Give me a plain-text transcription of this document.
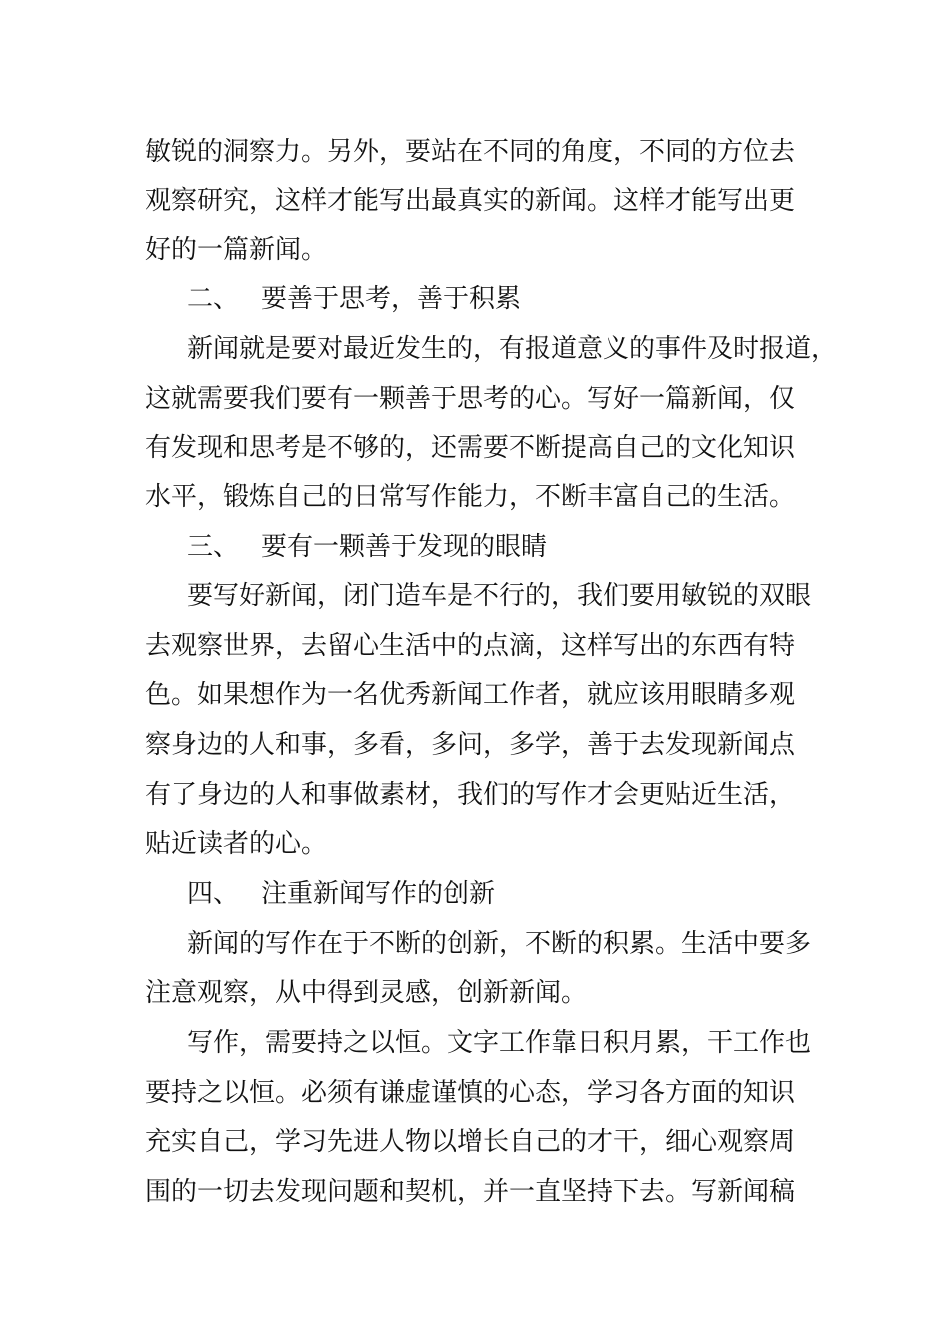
敏锐的洞察力。另外，要站在不同的角度，不同的方位去

观察研究，这样才能写出最真实的新闻。这样才能写出更

好的一篇新闻。

二、 要善于思考，善于积累

新闻就是要对最近发生的，有报道意义的事件及时报道，

这就需要我们要有一颗善于思考的心。写好一篇新闻，仅

有发现和思考是不够的，还需要不断提高自己的文化知识

水平，锻炼自己的日常写作能力，不断丰富自己的生活。

三、 要有一颗善于发现的眼睛

要写好新闻，闭门造车是不行的，我们要用敏锐的双眼

去观察世界，去留心生活中的点滴，这样写出的东西有特

色。如果想作为一名优秀新闻工作者，就应该用眼睛多观

察身边的人和事，多看，多问，多学，善于去发现新闻点

有了身边的人和事做素材，我们的写作才会更贴近生活，

贴近读者的心。

四、 注重新闻写作的创新

新闻的写作在于不断的创新，不断的积累。生活中要多

注意观察，从中得到灵感，创新新闻。

写作，需要持之以恒。文字工作靠日积月累，干工作也

要持之以恒。必须有谦虚谨慎的心态，学习各方面的知识

充实自己，学习先进人物以增长自己的才干，细心观察周

围的一切去发现问题和契机，并一直坚持下去。写新闻稿
